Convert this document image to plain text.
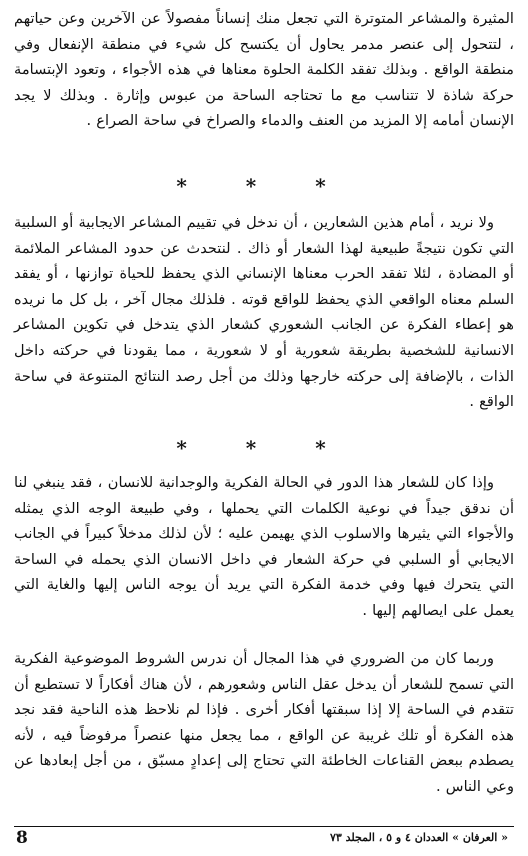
المثيرة والمشاعر المتوترة التي تجعل منك إنساناً مفصولاً عن الآخرين وعن حياتهم ، لتتحول إلى عنصر مدمر يحاول أن يكتسح كل شيء في منطقة الإنفعال وفي منطقة الواقع . وبذلك تفقد الكلمة الحلوة معناها في هذه الأجواء ، وتعود الإبتسامة حركة شاذة لا تتناسب مع ما تحتاجه الساحة من عبوس وإثارة . وبذلك لا يجد الإنسان أمامه إلا المزيد من العنف والدماء والصراخ في ساحة الصراع .

* * *

ولا نريد ، أمام هذين الشعارين ، أن ندخل في تقييم المشاعر الايجابية أو السلبية التي تكون نتيجةً طبيعية لهذا الشعار أو ذاك . لنتحدث عن حدود المشاعر الملائمة أو المضادة ، لئلا تفقد الحرب معناها الإنساني الذي يحفظ للحياة توازنها ، أو يفقد السلم معناه الواقعي الذي يحفظ للواقع قوته . فلذلك مجال آخر ، بل كل ما نريده هو إعطاء الفكرة عن الجانب الشعوري كشعار الذي يتدخل في تكوين المشاعر الانسانية للشخصية بطريقة شعورية أو لا شعورية ، مما يقودنا في حركته داخل الذات ، بالإضافة إلى حركته خارجها وذلك من أجل رصد النتائج المتنوعة في ساحة الواقع .

* * *

وإذا كان للشعار هذا الدور في الحالة الفكرية والوجدانية للانسان ، فقد ينبغي لنا أن ندقق جيداً في نوعية الكلمات التي يحملها ، وفي طبيعة الوجه الذي يمثله والأجواء التي يثيرها والاسلوب الذي يهيمن عليه ؛ لأن لذلك مدخلاً كبيراً في الجانب الايجابي أو السلبي في حركة الشعار في داخل الانسان الذي يحمله في الساحة التي يتحرك فيها وفي خدمة الفكرة التي يريد أن يوجه الناس إليها والغاية التي يعمل على ايصالهم إليها .

وربما كان من الضروري في هذا المجال أن ندرس الشروط الموضوعية الفكرية التي تسمح للشعار أن يدخل عقل الناس وشعورهم ، لأن هناك أفكاراً لا تستطيع أن تتقدم في الساحة إلا إذا سبقتها أفكار أخرى . فإذا لم نلاحظ هذه الناحية فقد نجد هذه الفكرة أو تلك غريبة عن الواقع ، مما يجعل منها عنصراً مرفوضاً فيه ، لأنه يصطدم ببعض القناعات الخاطئة التي تحتاج إلى إعدادٍ مسبّق ، من أجل إبعادها عن وعي الناس .

8	« العرفان » العددان ٤ و ٥ ، المجلد ٧٣
